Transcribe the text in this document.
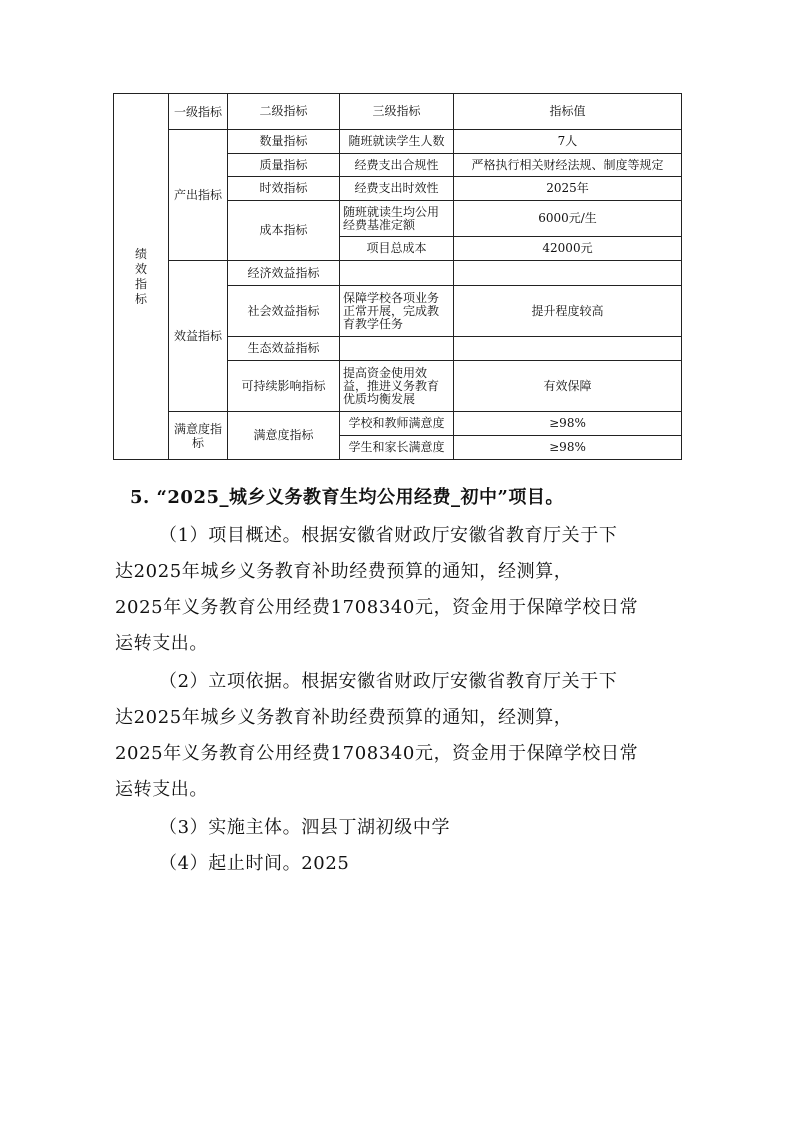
绩效指标	一级指标	二级指标	三级指标	指标值
	产出指标	数量指标	随班就读学生人数	7人
		质量指标	经费支出合规性	严格执行相关财经法规、制度等规定
		时效指标	经费支出时效性	2025年
		成本指标	随班就读生均公用经费基准定额	6000元/生
			项目总成本	42000元
	效益指标	经济效益指标		
		社会效益指标	保障学校各项业务正常开展，完成教育教学任务	提升程度较高
		生态效益指标		
		可持续影响指标	提高资金使用效益，推进义务教育优质均衡发展	有效保障
	满意度指标	满意度指标	学校和教师满意度	≥98%
			学生和家长满意度	≥98%
5. “2025_城乡义务教育生均公用经费_初中”项目。
（1）项目概述。根据安徽省财政厅安徽省教育厅关于下
达2025年城乡义务教育补助经费预算的通知，经测算，
2025年义务教育公用经费1708340元，资金用于保障学校日常
运转支出。
（2）立项依据。根据安徽省财政厅安徽省教育厅关于下
达2025年城乡义务教育补助经费预算的通知，经测算，
2025年义务教育公用经费1708340元，资金用于保障学校日常
运转支出。
（3）实施主体。泗县丁湖初级中学
（4）起止时间。2025
